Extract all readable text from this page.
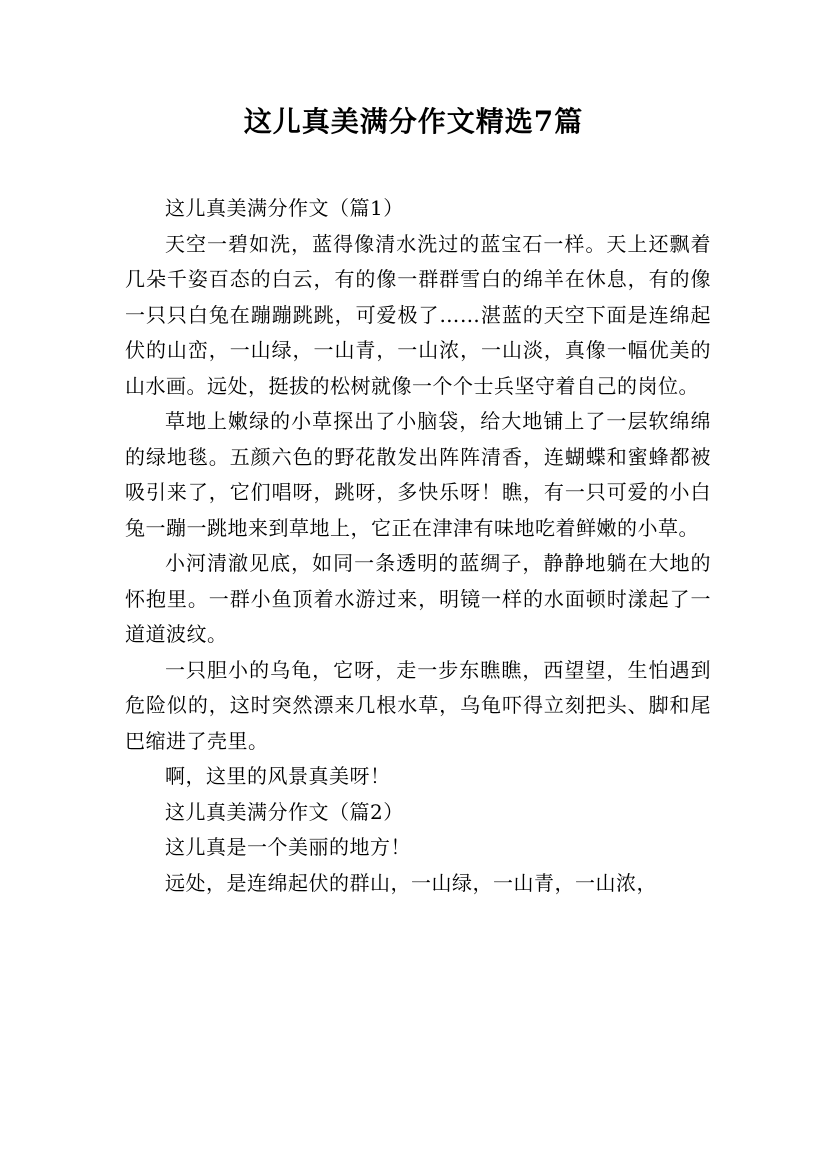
这儿真美满分作文精选7篇

这儿真美满分作文（篇1）

天空一碧如洗，蓝得像清水洗过的蓝宝石一样。天上还飘着几朵千姿百态的白云，有的像一群群雪白的绵羊在休息，有的像一只只白兔在蹦蹦跳跳，可爱极了……湛蓝的天空下面是连绵起伏的山峦，一山绿，一山青，一山浓，一山淡，真像一幅优美的山水画。远处，挺拔的松树就像一个个士兵坚守着自己的岗位。

草地上嫩绿的小草探出了小脑袋，给大地铺上了一层软绵绵的绿地毯。五颜六色的野花散发出阵阵清香，连蝴蝶和蜜蜂都被吸引来了，它们唱呀，跳呀，多快乐呀！瞧，有一只可爱的小白兔一蹦一跳地来到草地上，它正在津津有味地吃着鲜嫩的小草。

小河清澈见底，如同一条透明的蓝绸子，静静地躺在大地的怀抱里。一群小鱼顶着水游过来，明镜一样的水面顿时漾起了一道道波纹。

一只胆小的乌龟，它呀，走一步东瞧瞧，西望望，生怕遇到危险似的，这时突然漂来几根水草，乌龟吓得立刻把头、脚和尾巴缩进了壳里。

啊，这里的风景真美呀！

这儿真美满分作文（篇2）

这儿真是一个美丽的地方！

远处，是连绵起伏的群山，一山绿，一山青，一山浓，
